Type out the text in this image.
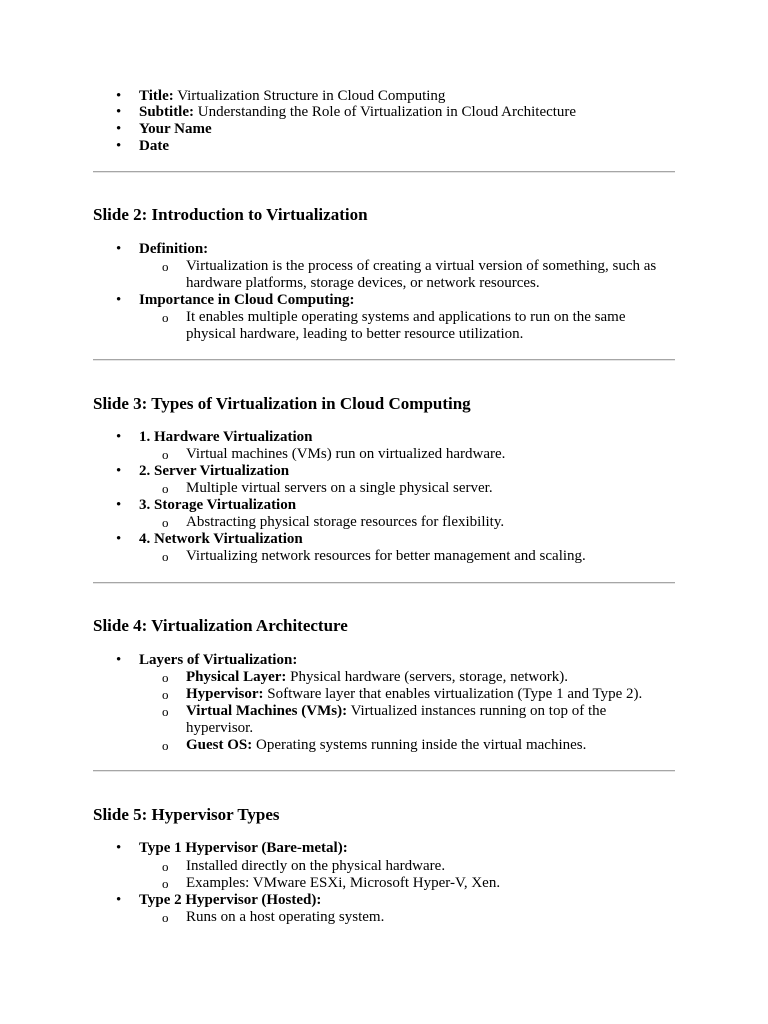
• Title: Virtualization Structure in Cloud Computing
• Subtitle: Understanding the Role of Virtualization in Cloud Architecture
• Your Name
• Date
Slide 2: Introduction to Virtualization
• Definition:
o Virtualization is the process of creating a virtual version of something, such as
hardware platforms, storage devices, or network resources.
• Importance in Cloud Computing:
o It enables multiple operating systems and applications to run on the same
physical hardware, leading to better resource utilization.
Slide 3: Types of Virtualization in Cloud Computing
• 1. Hardware Virtualization
o Virtual machines (VMs) run on virtualized hardware.
• 2. Server Virtualization
o Multiple virtual servers on a single physical server.
• 3. Storage Virtualization
o Abstracting physical storage resources for flexibility.
• 4. Network Virtualization
o Virtualizing network resources for better management and scaling.
Slide 4: Virtualization Architecture
• Layers of Virtualization:
o Physical Layer: Physical hardware (servers, storage, network).
o Hypervisor: Software layer that enables virtualization (Type 1 and Type 2).
o Virtual Machines (VMs): Virtualized instances running on top of the
hypervisor.
o Guest OS: Operating systems running inside the virtual machines.
Slide 5: Hypervisor Types
• Type 1 Hypervisor (Bare-metal):
o Installed directly on the physical hardware.
o Examples: VMware ESXi, Microsoft Hyper-V, Xen.
• Type 2 Hypervisor (Hosted):
o Runs on a host operating system.
